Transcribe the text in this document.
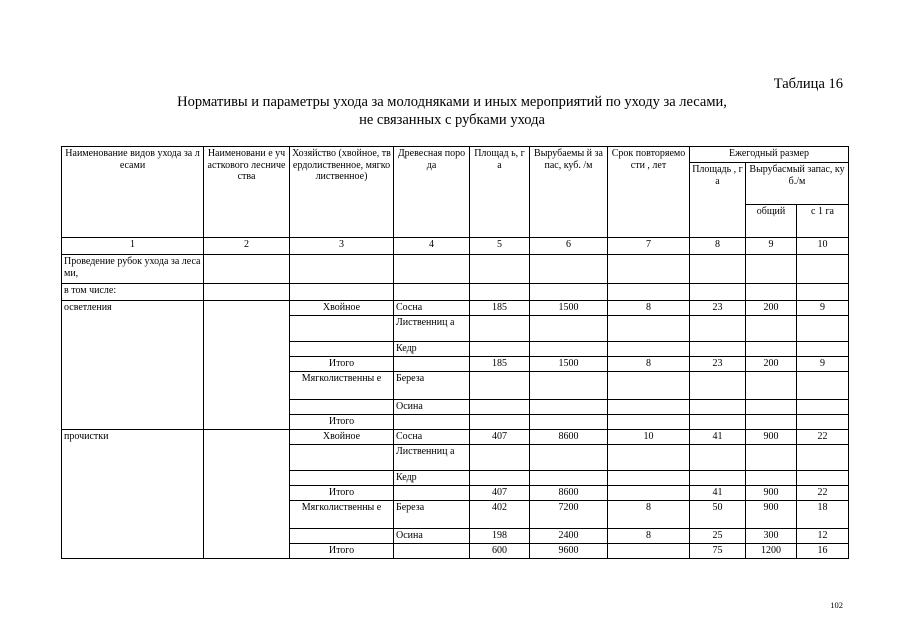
Таблица 16
Нормативы и параметры ухода за молодняками и иных мероприятий по уходу за лесами,
не связанных с рубками ухода
Наименование видов ухода за лесами	Наименовани е участкового лесничества	Хозяйство (хвойное, твердолиственное, мягколиственное)	Древесная порода	Площад ь, га	Вырубаемы й запас, куб. /м	Срок повторяемости , лет	Ежегодный размер		
							Площадь , га	Вырубасмый запас, куб./м	
								общий	с 1 га
1	2	3	4	5	6	7	8	9	10
Проведение рубок ухода за лесами,									
в том числе:									
осветления		Хвойное	Сосна	185	1500	8	23	200	9
			Лиственниц а						
			Кедр						
		Итого		185	1500	8	23	200	9
		Мягколиственны е	Береза						
			Осина						
		Итого							
прочистки		Хвойное	Сосна	407	8600	10	41	900	22
			Лиственниц а						
			Кедр						
		Итого		407	8600		41	900	22
		Мягколиственны е	Береза	402	7200	8	50	900	18
			Осина	198	2400	8	25	300	12
		Итого		600	9600		75	1200	16
102
